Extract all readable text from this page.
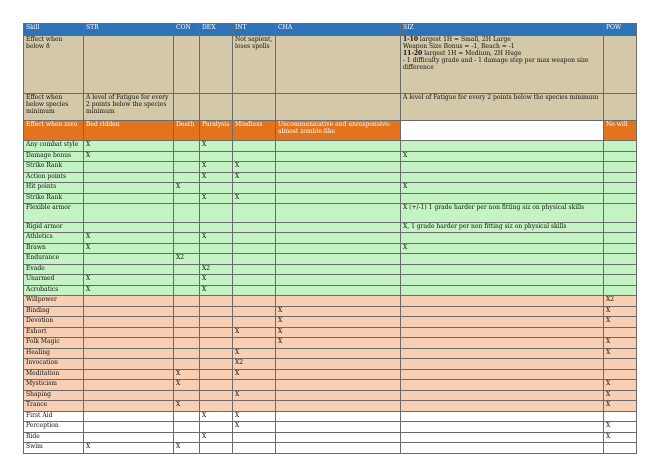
Skill	STR	CON	DEX	INT	CHA	SIZ	POW
Effect when below 8				Not sapient, loses spells		1-10 largest 1H = Small, 2H Large
Weapon Size Bonus = -1, Reach = -1
11-20 largest 1H = Medium, 2H Huge
- 1 difficulty grade and - 1 damage step per max weapon size difference	

Effect when below species minimum	A level of Fatigue for every 2 points below the species minimum					A level of Fatigue for every 2 points below the species minimum	
Effect when zero	Bed ridden	Death	Paralysis	Mindless	Uncommunicative and unresponsive: almost zombie-like		No will
Any combat style	X		X				
Damage bonus	X					X	
Strike Rank			X	X			
Action points			X	X			
Hit points		X				X	
Strike Rank			X	X			
Flexible armor						X (+/-1) 1 grade harder per non fitting siz on physical skills	
Rigid armor						X, 1 grade harder per non fitting siz on physical skills	
Athletics	X		X				
Brawn	X					X	
Endurance		X2					
Evade			X2				
Unarmed	X		X				
Acrobatics	X		X				
Willpower							X2
Binding					X		X
Devotion					X		X
Exhort				X	X		
Folk Magic					X		X
Healing				X			X
Invocation				X2			
Meditation		X		X			
Mysticism		X					X
Shaping				X			X
Trance		X					X
First Aid			X	X			
Perception				X			X
Ride			X				X
Swim	X	X					
